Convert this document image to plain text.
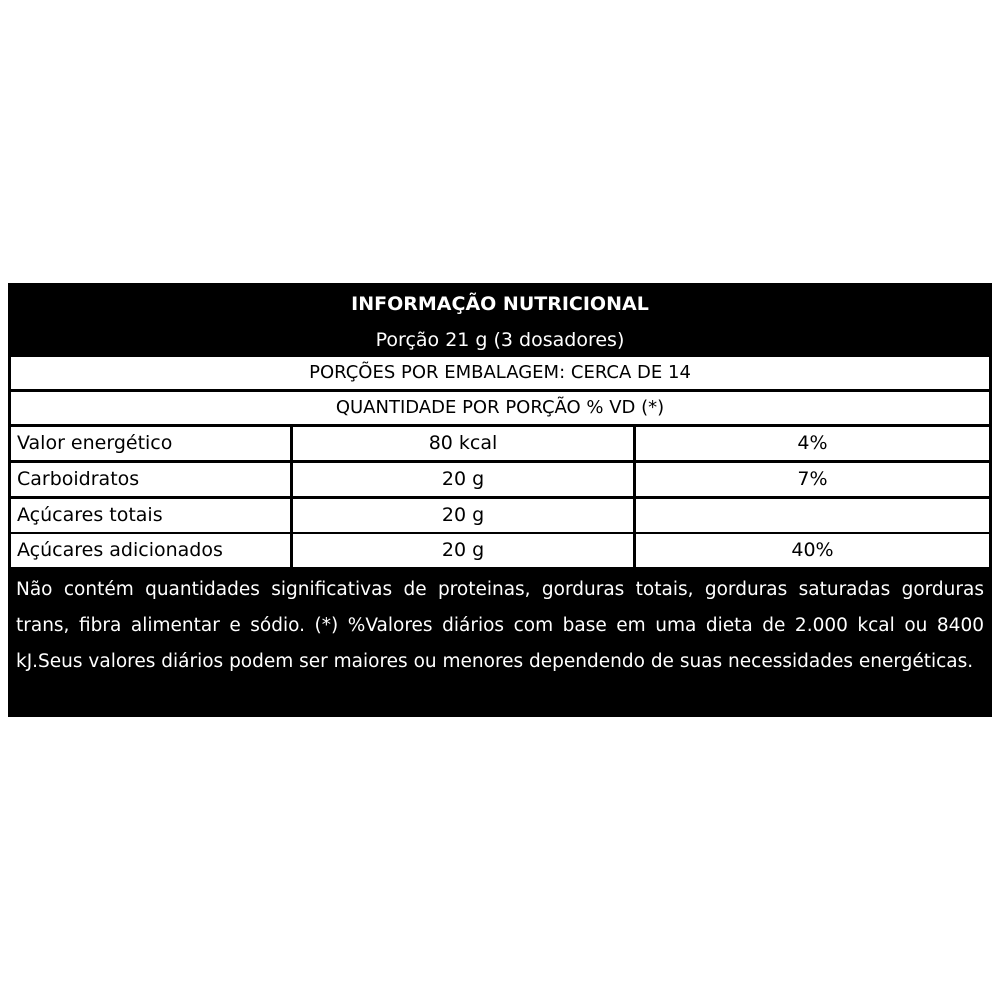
INFORMAÇÃO NUTRICIONAL
Porção 21 g (3 dosadores)
PORÇÕES POR EMBALAGEM: CERCA DE 14
QUANTIDADE POR PORÇÃO % VD (*)
Valor energético	80 kcal	4%
Carboidratos	20 g	7%
Açúcares totais	20 g
Açúcares adicionados	20 g	40%
Não contém quantidades significativas de proteinas, gorduras totais, gorduras saturadas gorduras trans, fibra alimentar e sódio. (*) %Valores diários com base em uma dieta de 2.000 kcal ou 8400 kJ.Seus valores diários podem ser maiores ou menores dependendo de suas necessidades energéticas.
